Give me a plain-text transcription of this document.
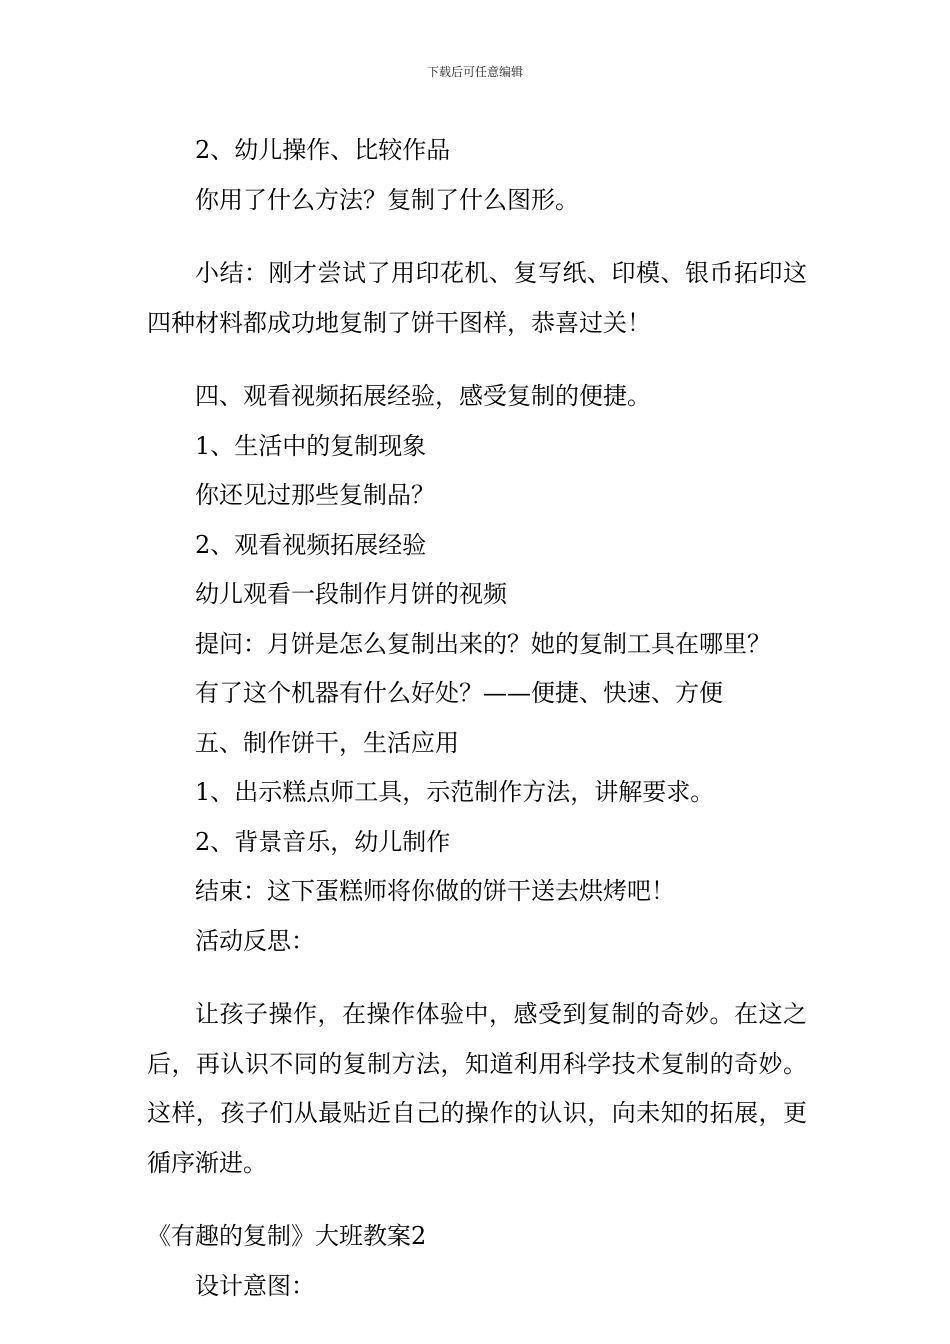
下载后可任意编辑

2、幼儿操作、比较作品

你用了什么方法？复制了什么图形。

小结：刚才尝试了用印花机、复写纸、印模、银币拓印这四种材料都成功地复制了饼干图样，恭喜过关！

四、观看视频拓展经验，感受复制的便捷。

1、生活中的复制现象

你还见过那些复制品？

2、观看视频拓展经验

幼儿观看一段制作月饼的视频

提问：月饼是怎么复制出来的？她的复制工具在哪里？

有了这个机器有什么好处？——便捷、快速、方便

五、制作饼干，生活应用

1、出示糕点师工具，示范制作方法，讲解要求。

2、背景音乐，幼儿制作

结束：这下蛋糕师将你做的饼干送去烘烤吧！

活动反思：

让孩子操作，在操作体验中，感受到复制的奇妙。在这之后，再认识不同的复制方法，知道利用科学技术复制的奇妙。这样，孩子们从最贴近自己的操作的认识，向未知的拓展，更循序渐进。

《有趣的复制》大班教案2

设计意图：
